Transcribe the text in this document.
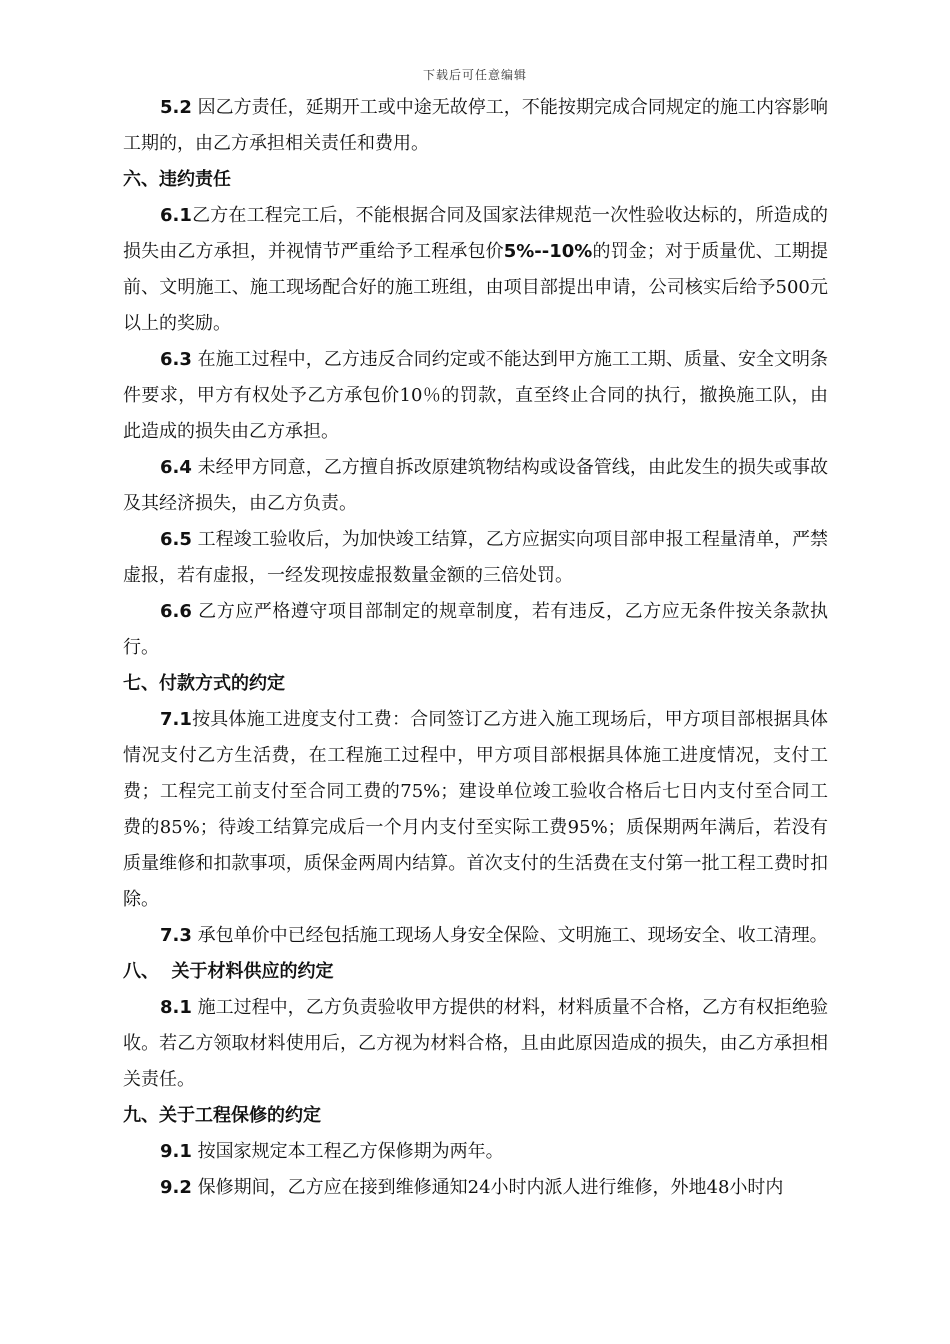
下载后可任意编辑

5.2 因乙方责任，延期开工或中途无故停工，不能按期完成合同规定的施工内容影响工期的，由乙方承担相关责任和费用。

六、违约责任

6.1乙方在工程完工后，不能根据合同及国家法律规范一次性验收达标的，所造成的损失由乙方承担，并视情节严重给予工程承包价5%--10%的罚金；对于质量优、工期提前、文明施工、施工现场配合好的施工班组，由项目部提出申请，公司核实后给予500元以上的奖励。

6.3 在施工过程中，乙方违反合同约定或不能达到甲方施工工期、质量、安全文明条件要求，甲方有权处予乙方承包价10％的罚款，直至终止合同的执行，撤换施工队，由此造成的损失由乙方承担。

6.4 未经甲方同意，乙方擅自拆改原建筑物结构或设备管线，由此发生的损失或事故及其经济损失，由乙方负责。

6.5 工程竣工验收后，为加快竣工结算，乙方应据实向项目部申报工程量清单，严禁虚报，若有虚报，一经发现按虚报数量金额的三倍处罚。

6.6 乙方应严格遵守项目部制定的规章制度，若有违反，乙方应无条件按关条款执行。

七、付款方式的约定

7.1按具体施工进度支付工费：合同签订乙方进入施工现场后，甲方项目部根据具体情况支付乙方生活费，在工程施工过程中，甲方项目部根据具体施工进度情况，支付工费；工程完工前支付至合同工费的75%；建设单位竣工验收合格后七日内支付至合同工费的85%；待竣工结算完成后一个月内支付至实际工费95%；质保期两年满后，若没有质量维修和扣款事项，质保金两周内结算。首次支付的生活费在支付第一批工程工费时扣除。

7.3 承包单价中已经包括施工现场人身安全保险、文明施工、现场安全、收工清理。

八、  关于材料供应的约定

8.1 施工过程中，乙方负责验收甲方提供的材料，材料质量不合格，乙方有权拒绝验收。若乙方领取材料使用后，乙方视为材料合格，且由此原因造成的损失，由乙方承担相关责任。

九、关于工程保修的约定

9.1 按国家规定本工程乙方保修期为两年。

9.2 保修期间，乙方应在接到维修通知24小时内派人进行维修，外地48小时内
